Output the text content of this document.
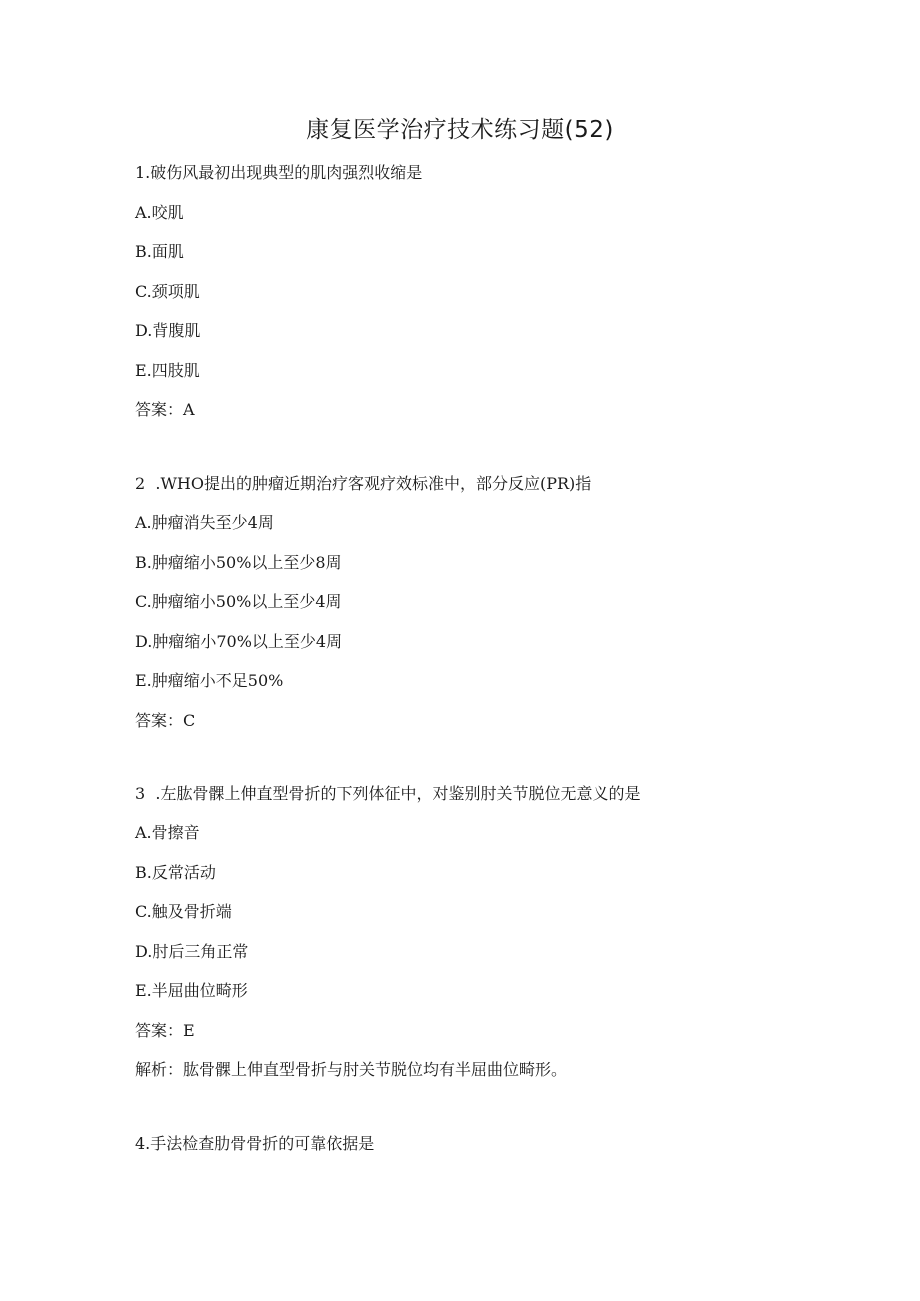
康复医学治疗技术练习题(52)

1.破伤风最初出现典型的肌肉强烈收缩是

A.咬肌

B.面肌

C.颈项肌

D.背腹肌

E.四肢肌

答案：A

2  .WHO提出的肿瘤近期治疗客观疗效标准中，部分反应(PR)指

A.肿瘤消失至少4周

B.肿瘤缩小50%以上至少8周

C.肿瘤缩小50%以上至少4周

D.肿瘤缩小70%以上至少4周

E.肿瘤缩小不足50%

答案：C

3  .左肱骨髁上伸直型骨折的下列体征中，对鉴别肘关节脱位无意义的是

A.骨擦音

B.反常活动

C.触及骨折端

D.肘后三角正常

E.半屈曲位畸形

答案：E

解析：肱骨髁上伸直型骨折与肘关节脱位均有半屈曲位畸形。

4.手法检查肋骨骨折的可靠依据是
